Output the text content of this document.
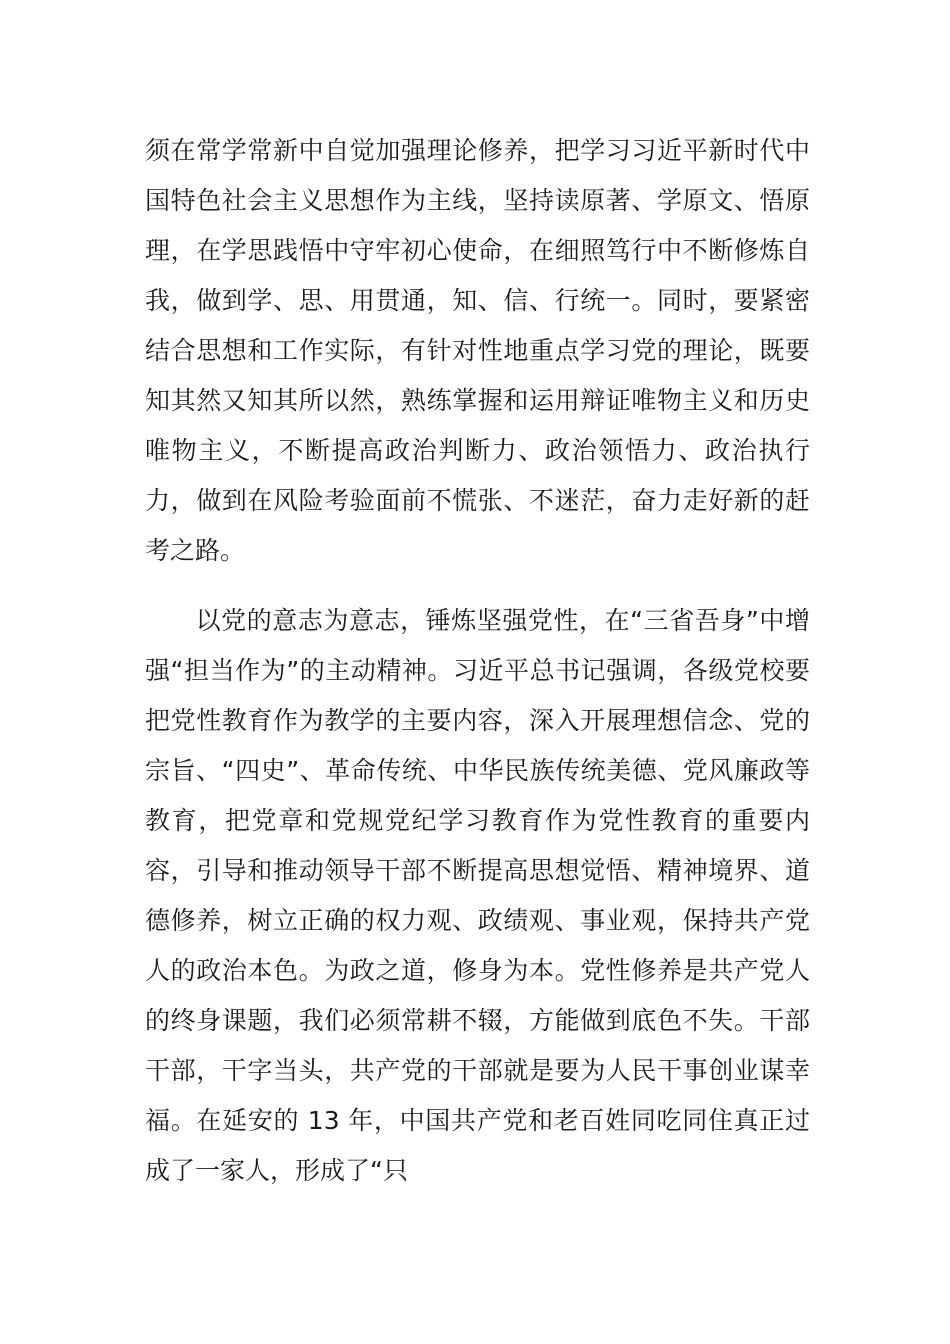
须在常学常新中自觉加强理论修养，把学习习近平新时代中国特色社会主义思想作为主线，坚持读原著、学原文、悟原理，在学思践悟中守牢初心使命，在细照笃行中不断修炼自我，做到学、思、用贯通，知、信、行统一。同时，要紧密结合思想和工作实际，有针对性地重点学习党的理论，既要知其然又知其所以然，熟练掌握和运用辩证唯物主义和历史唯物主义，不断提高政治判断力、政治领悟力、政治执行力，做到在风险考验面前不慌张、不迷茫，奋力走好新的赶考之路。

以党的意志为意志，锤炼坚强党性，在“三省吾身”中增强“担当作为”的主动精神。习近平总书记强调，各级党校要把党性教育作为教学的主要内容，深入开展理想信念、党的宗旨、“四史”、革命传统、中华民族传统美德、党风廉政等教育，把党章和党规党纪学习教育作为党性教育的重要内容，引导和推动领导干部不断提高思想觉悟、精神境界、道德修养，树立正确的权力观、政绩观、事业观，保持共产党人的政治本色。为政之道，修身为本。党性修养是共产党人的终身课题，我们必须常耕不辍，方能做到底色不失。干部干部，干字当头，共产党的干部就是要为人民干事创业谋幸福。在延安的 13 年，中国共产党和老百姓同吃同住真正过成了一家人，形成了“只
